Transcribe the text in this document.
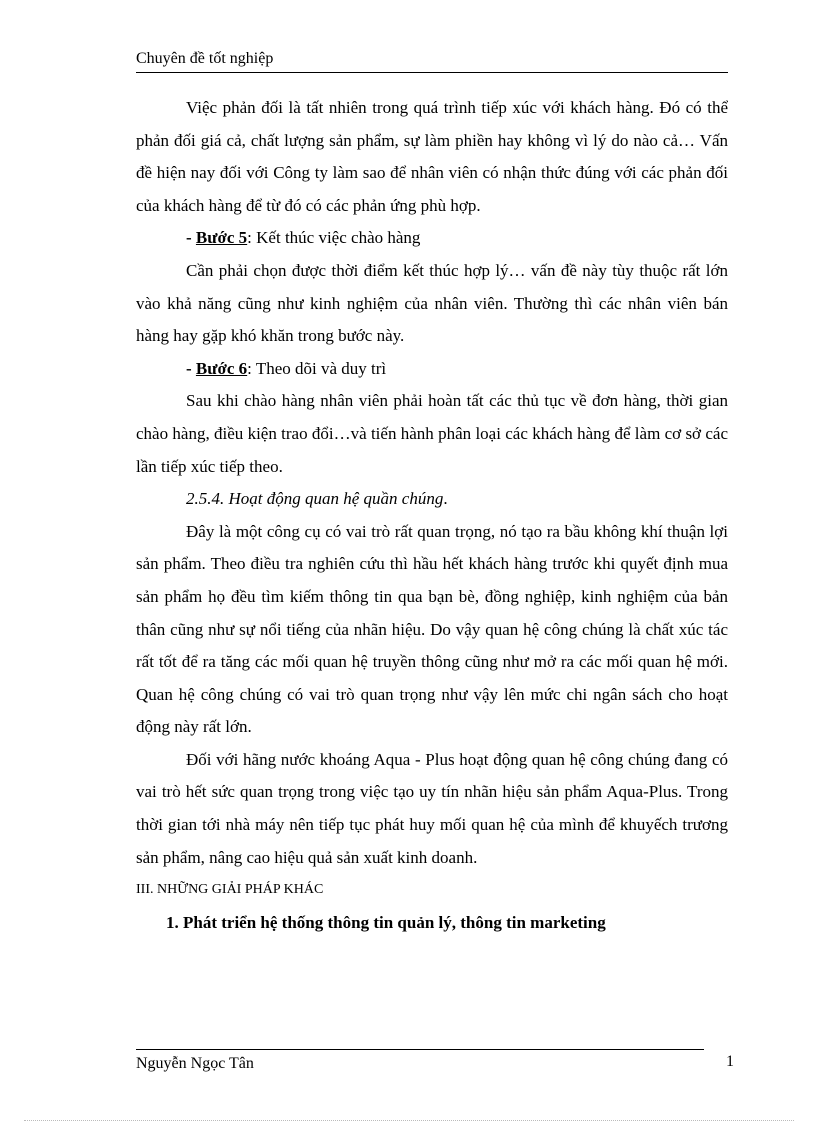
Chuyên đề tốt nghiệp

Việc phản đối là tất nhiên trong quá trình tiếp xúc với khách hàng. Đó có thể phản đối giá cả, chất lượng sản phẩm, sự làm phiền hay không vì lý do nào cả… Vấn đề hiện nay đối với Công ty làm sao để nhân viên có nhận thức đúng với các phản đối của khách hàng để từ đó có các phản ứng phù hợp.

- Bước 5: Kết thúc việc chào hàng

Cần phải chọn được thời điểm kết thúc hợp lý… vấn đề này tùy thuộc rất lớn vào khả năng cũng như kinh nghiệm của nhân viên. Thường thì các nhân viên bán hàng hay gặp khó khăn trong bước này.

- Bước 6: Theo dõi và duy trì

Sau khi chào hàng nhân viên phải hoàn tất các thủ tục về đơn hàng, thời gian chào hàng, điều kiện trao đổi…và tiến hành phân loại các khách hàng để làm cơ sở các lần tiếp xúc tiếp theo.

2.5.4. Hoạt động quan hệ quần chúng.

Đây là một công cụ có vai trò rất quan trọng, nó tạo ra bầu không khí thuận lợi sản phẩm. Theo điều tra nghiên cứu thì hầu hết khách hàng trước khi quyết định mua sản phẩm họ đều tìm kiếm thông tin qua bạn bè, đồng nghiệp, kinh nghiệm của bản thân cũng như sự nổi tiếng của nhãn hiệu. Do vậy quan hệ công chúng là chất xúc tác rất tốt để ra tăng các mối quan hệ truyền thông cũng như mở ra các mối quan hệ mới. Quan hệ công chúng có vai trò quan trọng như vậy lên mức chi ngân sách cho hoạt động này rất lớn.

Đối với hãng nước khoáng Aqua - Plus hoạt động quan hệ công chúng đang có vai trò hết sức quan trọng trong việc tạo uy tín nhãn hiệu sản phẩm Aqua-Plus. Trong thời gian tới nhà máy nên tiếp tục phát huy mối quan hệ của mình để khuyếch trương sản phẩm, nâng cao hiệu quả sản xuất kinh doanh.

III. NHỮNG GIẢI PHÁP KHÁC

1. Phát triển hệ thống thông tin quản lý, thông tin marketing

Nguyễn Ngọc Tân	1
